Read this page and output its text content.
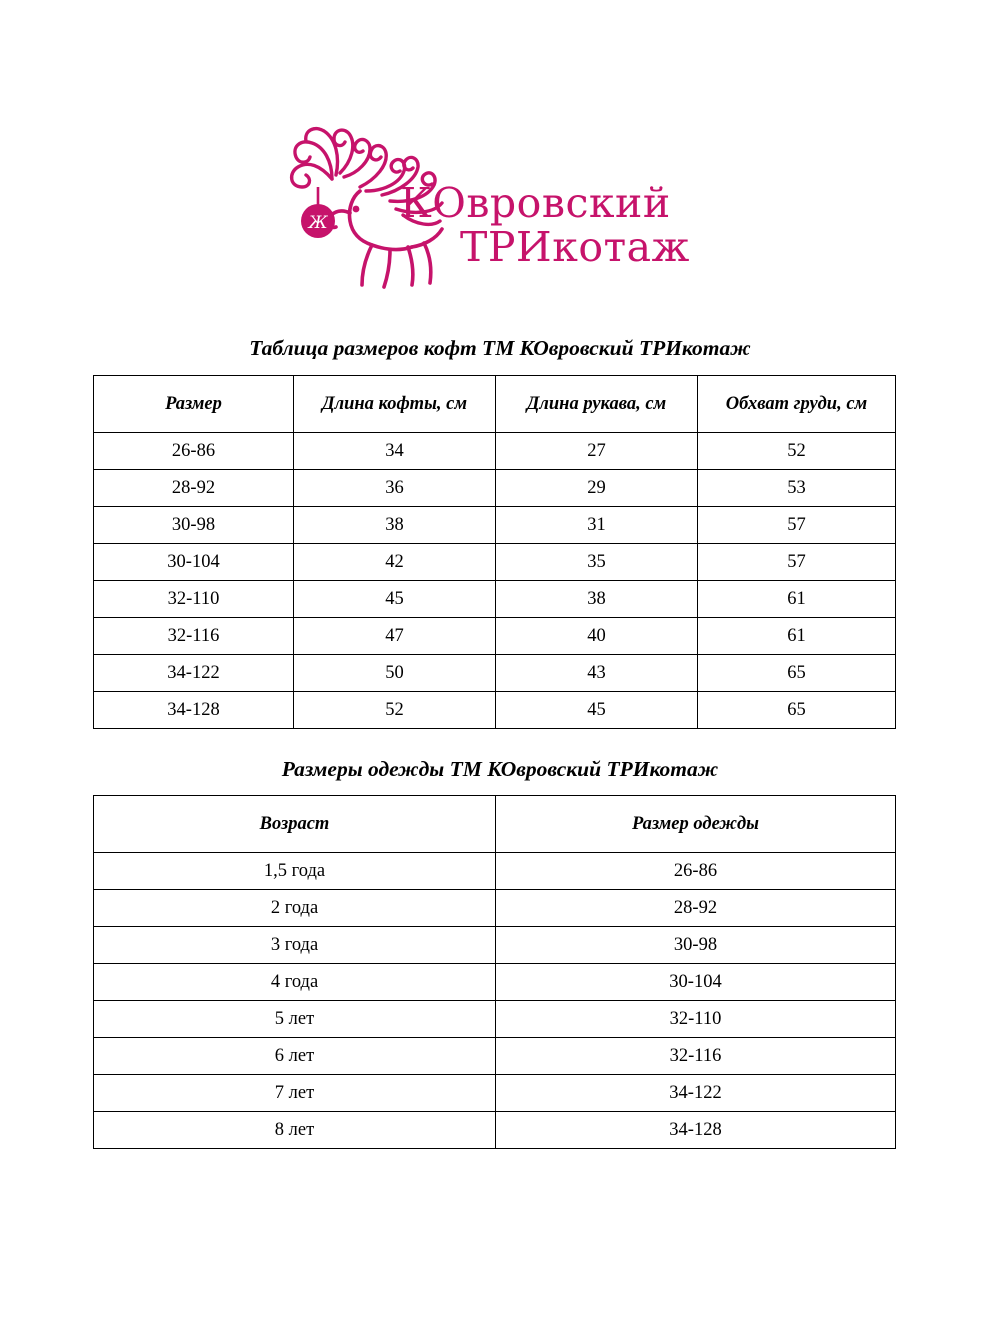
Ж КОвровский
ТРИкотаж
Таблица размеров кофт ТМ КОвровский ТРИкотаж
Размер	Длина кофты, см	Длина рукава, см	Обхват груди, см
26-86	34	27	52
28-92	36	29	53
30-98	38	31	57
30-104	42	35	57
32-110	45	38	61
32-116	47	40	61
34-122	50	43	65
34-128	52	45	65
Размеры одежды ТМ КОвровский ТРИкотаж
Возраст	Размер одежды
1,5 года	26-86
2 года	28-92
3 года	30-98
4 года	30-104
5 лет	32-110
6 лет	32-116
7 лет	34-122
8 лет	34-128
